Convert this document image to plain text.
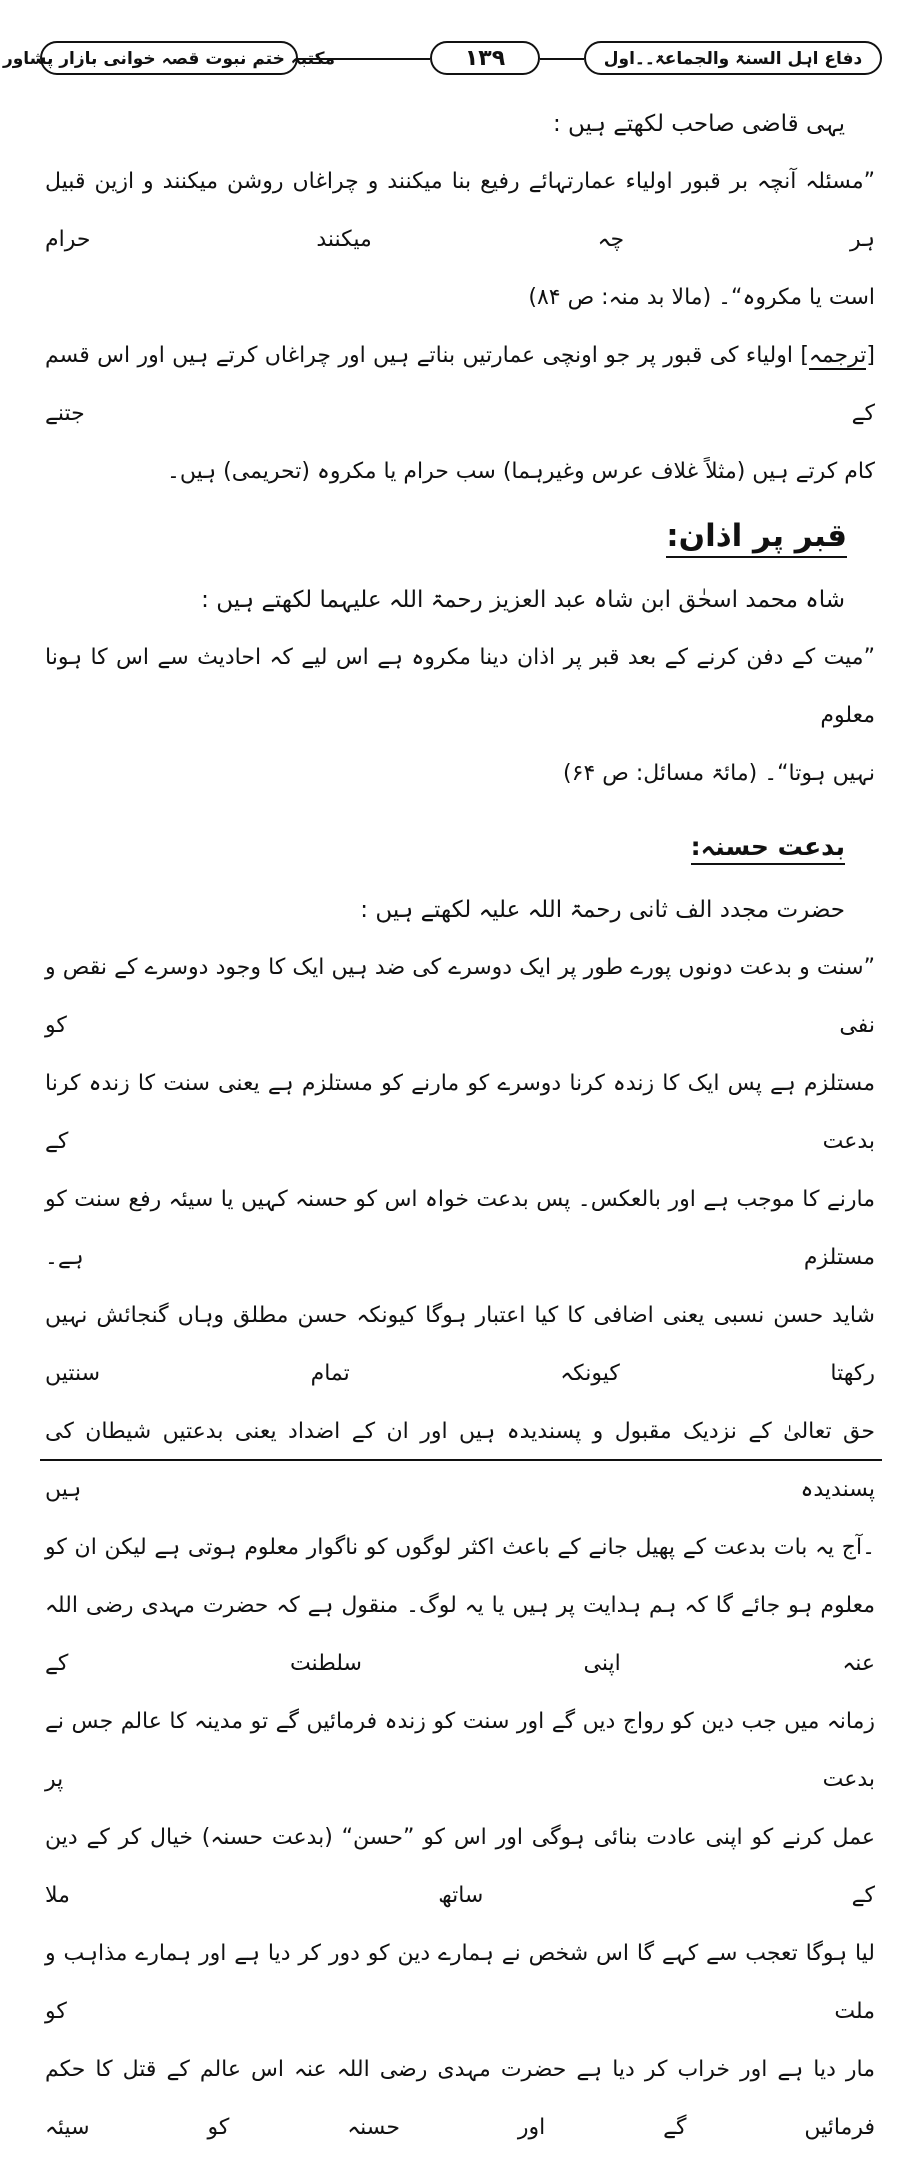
دفاع اہل السنۃ والجماعۃ۔۔اول
۱۳۹
مکتبہ ختم نبوت قصہ خوانی بازار پشاور

یہی قاضی صاحب لکھتے ہیں :

”مسئلہ آنچہ بر قبور اولیاء عمارتہائے رفیع بنا میکنند و چراغاں روشن میکنند و ازین قبیل ہر چہ میکنند حرام

است یا مکروہ“۔ (مالا بد منہ: ص ۸۴)

[ترجمہ] اولیاء کی قبور پر جو اونچی عمارتیں بناتے ہیں اور چراغاں کرتے ہیں اور اس قسم کے جتنے

کام کرتے ہیں (مثلاً غلاف عرس وغیرہما) سب حرام یا مکروہ (تحریمی) ہیں۔

قبر پر اذان:

شاہ محمد اسحٰق ابن شاہ عبد العزیز رحمۃ اللہ علیہما لکھتے ہیں :

”میت کے دفن کرنے کے بعد قبر پر اذان دینا مکروہ ہے اس لیے کہ احادیث سے اس کا ہونا معلوم

نہیں ہوتا“۔ (مائۃ مسائل: ص ۶۴)

بدعت حسنہ:

حضرت مجدد الف ثانی رحمۃ اللہ علیہ لکھتے ہیں :

”سنت و بدعت دونوں پورے طور پر ایک دوسرے کی ضد ہیں ایک کا وجود دوسرے کے نقص و نفی کو

مستلزم ہے پس ایک کا زندہ کرنا دوسرے کو مارنے کو مستلزم ہے یعنی سنت کا زندہ کرنا بدعت کے

مارنے کا موجب ہے اور بالعکس۔ پس بدعت خواہ اس کو حسنہ کہیں یا سیئہ رفع سنت کو مستلزم ہے۔

شاید حسن نسبی یعنی اضافی کا کیا اعتبار ہوگا کیونکہ حسن مطلق وہاں گنجائش نہیں رکھتا کیونکہ تمام سنتیں

حق تعالیٰ کے نزدیک مقبول و پسندیدہ ہیں اور ان کے اضداد یعنی بدعتیں شیطان کی پسندیدہ ہیں

۔آج یہ بات بدعت کے پھیل جانے کے باعث اکثر لوگوں کو ناگوار معلوم ہوتی ہے لیکن ان کو

معلوم ہو جائے گا کہ ہم ہدایت پر ہیں یا یہ لوگ۔ منقول ہے کہ حضرت مہدی رضی اللہ عنہ اپنی سلطنت کے

زمانہ میں جب دین کو رواج دیں گے اور سنت کو زندہ فرمائیں گے تو مدینہ کا عالم جس نے بدعت پر

عمل کرنے کو اپنی عادت بنائی ہوگی اور اس کو ”حسن“ (بدعت حسنہ) خیال کر کے دین کے ساتھ ملا

لیا ہوگا تعجب سے کہے گا اس شخص نے ہمارے دین کو دور کر دیا ہے اور ہمارے مذاہب و ملت کو

مار دیا ہے اور خراب کر دیا ہے حضرت مہدی رضی اللہ عنہ اس عالم کے قتل کا حکم فرمائیں گے اور حسنہ کو سیئہ
